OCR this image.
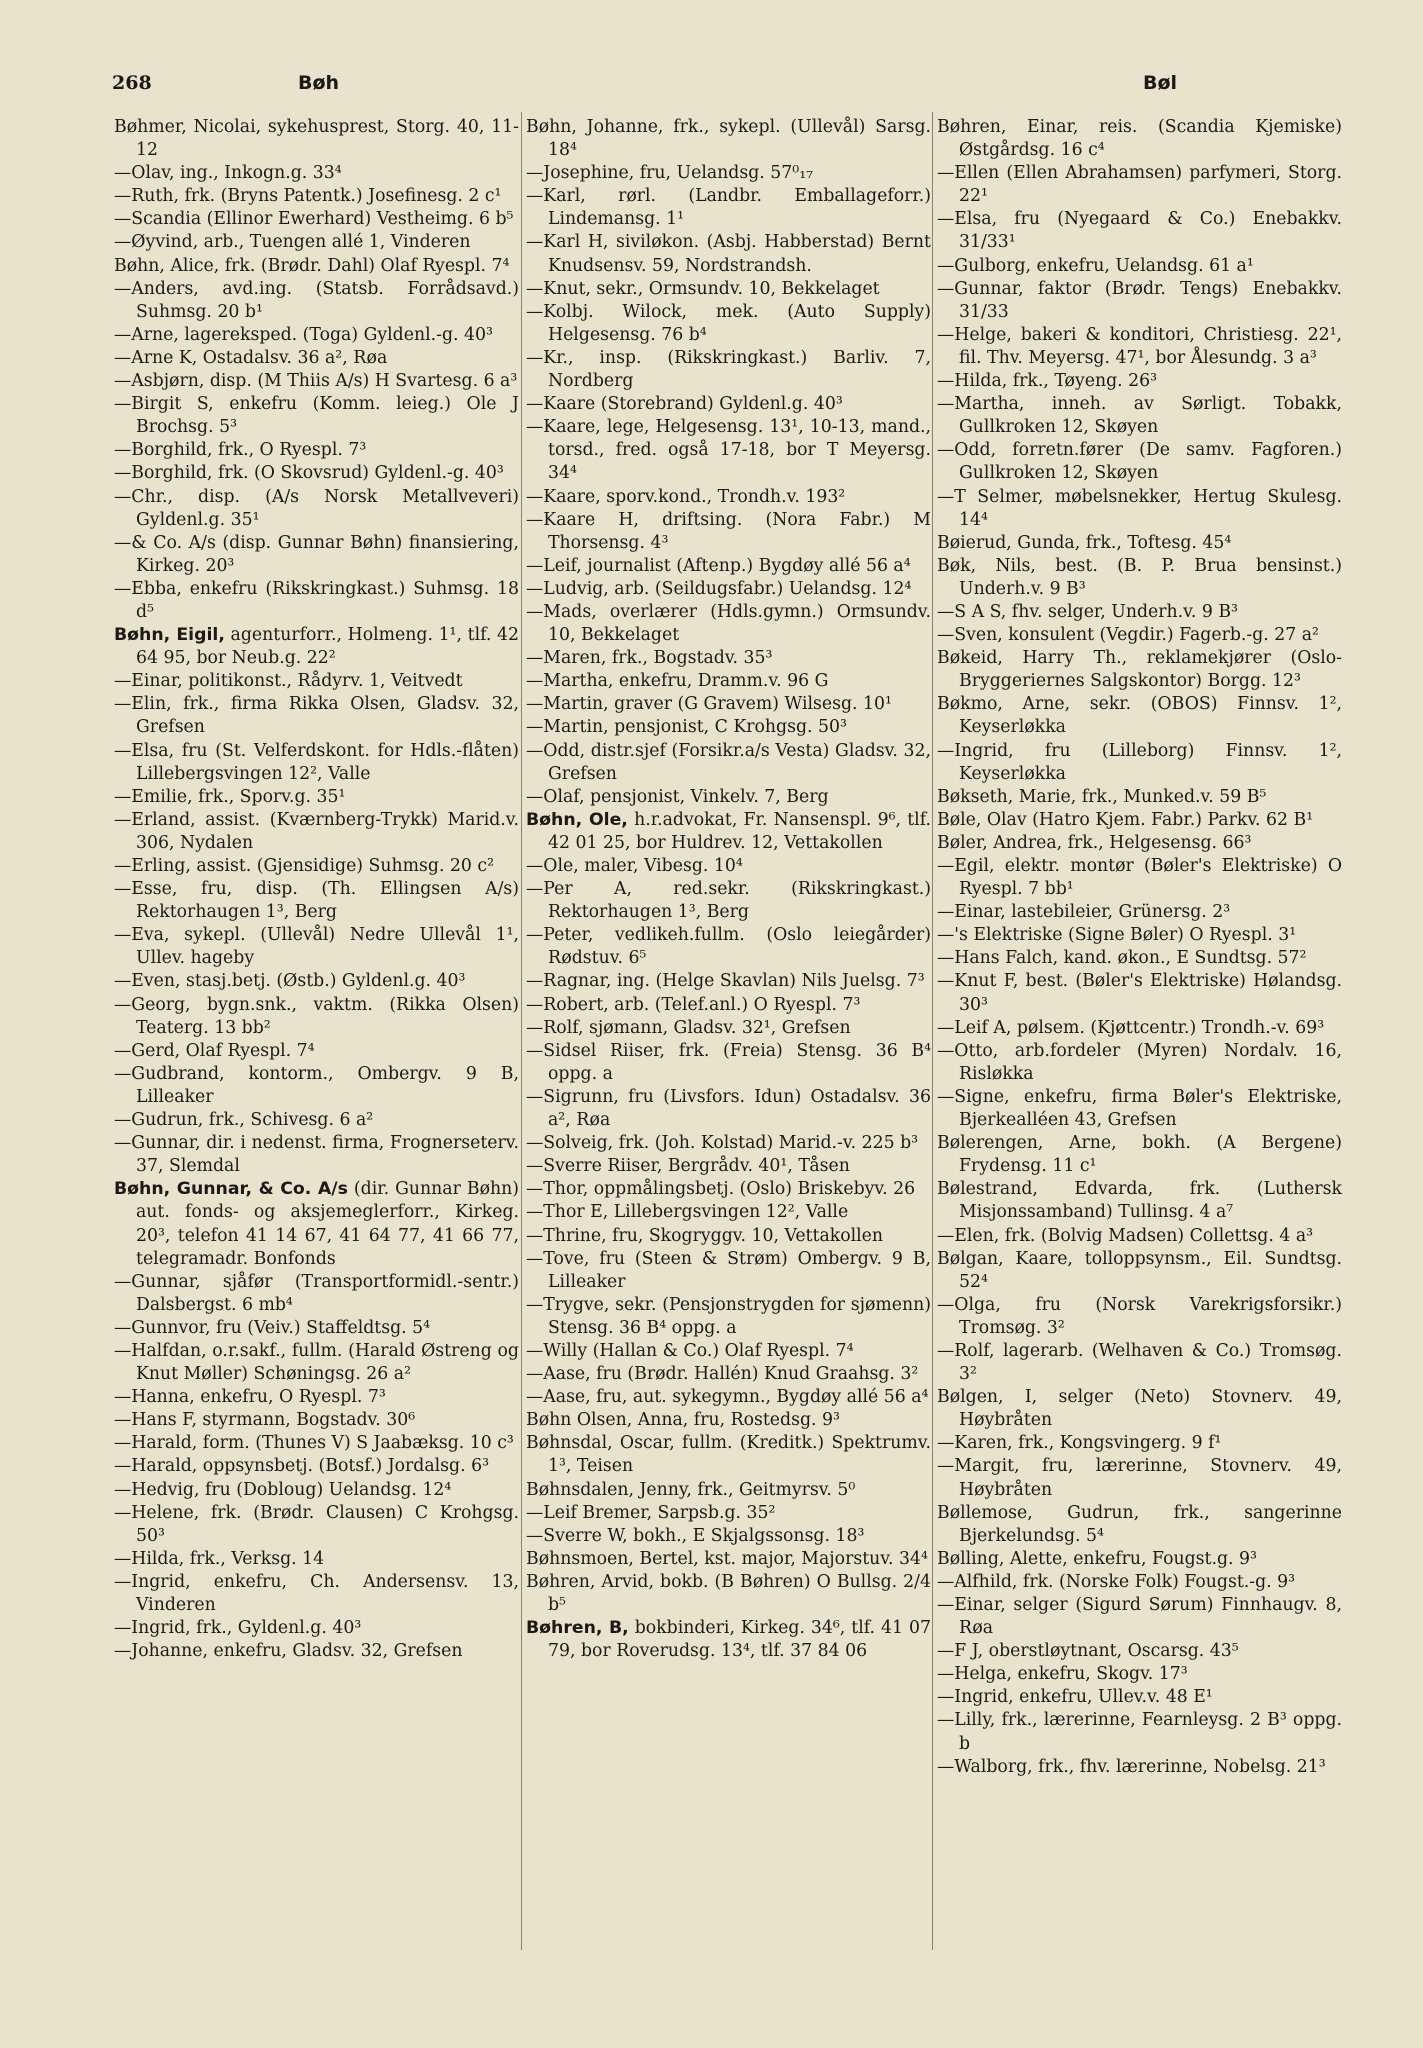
268	Bøh	Bøl

Bøhmer, Nicolai, sykehusprest, Storg. 40, 11-12

—Olav, ing., Inkogn.g. 33⁴

—Ruth, frk. (Bryns Patentk.) Josefinesg. 2 c¹

—Scandia (Ellinor Ewerhard) Vestheimg. 6 b⁵

—Øyvind, arb., Tuengen allé 1, Vinderen

Bøhn, Alice, frk. (Brødr. Dahl) Olaf Ryespl. 7⁴

—Anders, avd.ing. (Statsb. Forrådsavd.) Suhmsg. 20 b¹

—Arne, lagereksped. (Toga) Gyldenl.-g. 40³

—Arne K, Ostadalsv. 36 a², Røa

—Asbjørn, disp. (M Thiis A/s) H Svartesg. 6 a³

—Birgit S, enkefru (Komm. leieg.) Ole J Brochsg. 5³

—Borghild, frk., O Ryespl. 7³

—Borghild, frk. (O Skovsrud) Gyldenl.-g. 40³

—Chr., disp. (A/s Norsk Metallveveri) Gyldenl.g. 35¹

—& Co. A/s (disp. Gunnar Bøhn) finansiering, Kirkeg. 20³

—Ebba, enkefru (Rikskringkast.) Suhmsg. 18 d⁵

Bøhn, Eigil, agenturforr., Holmeng. 1¹, tlf. 42 64 95, bor Neub.g. 22²

—Einar, politikonst., Rådyrv. 1, Veitvedt

—Elin, frk., firma Rikka Olsen, Gladsv. 32, Grefsen

—Elsa, fru (St. Velferdskont. for Hdls.-flåten) Lillebergsvingen 12², Valle

—Emilie, frk., Sporv.g. 35¹

—Erland, assist. (Kværnberg-Trykk) Marid.v. 306, Nydalen

—Erling, assist. (Gjensidige) Suhmsg. 20 c²

—Esse, fru, disp. (Th. Ellingsen A/s) Rektorhaugen 1³, Berg

—Eva, sykepl. (Ullevål) Nedre Ullevål 1¹, Ullev. hageby

—Even, stasj.betj. (Østb.) Gyldenl.g. 40³

—Georg, bygn.snk., vaktm. (Rikka Olsen) Teaterg. 13 bb²

—Gerd, Olaf Ryespl. 7⁴

—Gudbrand, kontorm., Ombergv. 9 B, Lilleaker

—Gudrun, frk., Schivesg. 6 a²

—Gunnar, dir. i nedenst. firma, Frognerseterv. 37, Slemdal

Bøhn, Gunnar, & Co. A/s (dir. Gunnar Bøhn) aut. fonds- og aksjemeglerforr., Kirkeg. 20³, telefon 41 14 67, 41 64 77, 41 66 77, telegramadr. Bonfonds

—Gunnar, sjåfør (Transportformidl.-sentr.) Dalsbergst. 6 mb⁴

—Gunnvor, fru (Veiv.) Staffeldtsg. 5⁴

—Halfdan, o.r.sakf., fullm. (Harald Østreng og Knut Møller) Schøningsg. 26 a²

—Hanna, enkefru, O Ryespl. 7³

—Hans F, styrmann, Bogstadv. 30⁶

—Harald, form. (Thunes V) S Jaabæksg. 10 c³

—Harald, oppsynsbetj. (Botsf.) Jordalsg. 6³

—Hedvig, fru (Dobloug) Uelandsg. 12⁴

—Helene, frk. (Brødr. Clausen) C Krohgsg. 50³

—Hilda, frk., Verksg. 14

—Ingrid, enkefru, Ch. Andersensv. 13, Vinderen

—Ingrid, frk., Gyldenl.g. 40³

—Johanne, enkefru, Gladsv. 32, Grefsen

Bøhn, Johanne, frk., sykepl. (Ullevål) Sarsg. 18⁴

—Josephine, fru, Uelandsg. 57⁰₁₇

—Karl, rørl. (Landbr. Emballageforr.) Lindemansg. 1¹

—Karl H, siviløkon. (Asbj. Habberstad) Bernt Knudsensv. 59, Nordstrandsh.

—Knut, sekr., Ormsundv. 10, Bekkelaget

—Kolbj. Wilock, mek. (Auto Supply) Helgesensg. 76 b⁴

—Kr., insp. (Rikskringkast.) Barliv. 7, Nordberg

—Kaare (Storebrand) Gyldenl.g. 40³

—Kaare, lege, Helgesensg. 13¹, 10-13, mand., torsd., fred. også 17-18, bor T Meyersg. 34⁴

—Kaare, sporv.kond., Trondh.v. 193²

—Kaare H, driftsing. (Nora Fabr.) M Thorsensg. 4³

—Leif, journalist (Aftenp.) Bygdøy allé 56 a⁴

—Ludvig, arb. (Seildugsfabr.) Uelandsg. 12⁴

—Mads, overlærer (Hdls.gymn.) Ormsundv. 10, Bekkelaget

—Maren, frk., Bogstadv. 35³

—Martha, enkefru, Dramm.v. 96 G

—Martin, graver (G Gravem) Wilsesg. 10¹

—Martin, pensjonist, C Krohgsg. 50³

—Odd, distr.sjef (Forsikr.a/s Vesta) Gladsv. 32, Grefsen

—Olaf, pensjonist, Vinkelv. 7, Berg

Bøhn, Ole, h.r.advokat, Fr. Nansenspl. 9⁶, tlf. 42 01 25, bor Huldrev. 12, Vettakollen

—Ole, maler, Vibesg. 10⁴

—Per A, red.sekr. (Rikskringkast.) Rektorhaugen 1³, Berg

—Peter, vedlikeh.fullm. (Oslo leiegårder) Rødstuv. 6⁵

—Ragnar, ing. (Helge Skavlan) Nils Juelsg. 7³

—Robert, arb. (Telef.anl.) O Ryespl. 7³

—Rolf, sjømann, Gladsv. 32¹, Grefsen

—Sidsel Riiser, frk. (Freia) Stensg. 36 B⁴ oppg. a

—Sigrunn, fru (Livsfors. Idun) Ostadalsv. 36 a², Røa

—Solveig, frk. (Joh. Kolstad) Marid.-v. 225 b³

—Sverre Riiser, Bergrådv. 40¹, Tåsen

—Thor, oppmålingsbetj. (Oslo) Briskebyv. 26

—Thor E, Lillebergsvingen 12², Valle

—Thrine, fru, Skogryggv. 10, Vettakollen

—Tove, fru (Steen & Strøm) Ombergv. 9 B, Lilleaker

—Trygve, sekr. (Pensjonstrygden for sjømenn) Stensg. 36 B⁴ oppg. a

—Willy (Hallan & Co.) Olaf Ryespl. 7⁴

—Aase, fru (Brødr. Hallén) Knud Graahsg. 3²

—Aase, fru, aut. sykegymn., Bygdøy allé 56 a⁴

Bøhn Olsen, Anna, fru, Rostedsg. 9³

Bøhnsdal, Oscar, fullm. (Kreditk.) Spektrumv. 1³, Teisen

Bøhnsdalen, Jenny, frk., Geitmyrsv. 5⁰

—Leif Bremer, Sarpsb.g. 35²

—Sverre W, bokh., E Skjalgssonsg. 18³

Bøhnsmoen, Bertel, kst. major, Majorstuv. 34⁴

Bøhren, Arvid, bokb. (B Bøhren) O Bullsg. 2/4 b⁵

Bøhren, B, bokbinderi, Kirkeg. 34⁶, tlf. 41 07 79, bor Roverudsg. 13⁴, tlf. 37 84 06

Bøhren, Einar, reis. (Scandia Kjemiske) Østgårdsg. 16 c⁴

—Ellen (Ellen Abrahamsen) parfymeri, Storg. 22¹

—Elsa, fru (Nyegaard & Co.) Enebakkv. 31/33¹

—Gulborg, enkefru, Uelandsg. 61 a¹

—Gunnar, faktor (Brødr. Tengs) Enebakkv. 31/33

—Helge, bakeri & konditori, Christiesg. 22¹, fil. Thv. Meyersg. 47¹, bor Ålesundg. 3 a³

—Hilda, frk., Tøyeng. 26³

—Martha, inneh. av Sørligt. Tobakk, Gullkroken 12, Skøyen

—Odd, forretn.fører (De samv. Fagforen.) Gullkroken 12, Skøyen

—T Selmer, møbelsnekker, Hertug Skulesg. 14⁴

Bøierud, Gunda, frk., Toftesg. 45⁴

Bøk, Nils, best. (B. P. Brua bensinst.) Underh.v. 9 B³

—S A S, fhv. selger, Underh.v. 9 B³

—Sven, konsulent (Vegdir.) Fagerb.-g. 27 a²

Bøkeid, Harry Th., reklamekjører (Oslo-Bryggeriernes Salgskontor) Borgg. 12³

Bøkmo, Arne, sekr. (OBOS) Finnsv. 1², Keyserløkka

—Ingrid, fru (Lilleborg) Finnsv. 1², Keyserløkka

Bøkseth, Marie, frk., Munked.v. 59 B⁵

Bøle, Olav (Hatro Kjem. Fabr.) Parkv. 62 B¹

Bøler, Andrea, frk., Helgesensg. 66³

—Egil, elektr. montør (Bøler's Elektriske) O Ryespl. 7 bb¹

—Einar, lastebileier, Grünersg. 2³

—'s Elektriske (Signe Bøler) O Ryespl. 3¹

—Hans Falch, kand. økon., E Sundtsg. 57²

—Knut F, best. (Bøler's Elektriske) Hølandsg. 30³

—Leif A, pølsem. (Kjøttcentr.) Trondh.-v. 69³

—Otto, arb.fordeler (Myren) Nordalv. 16, Risløkka

—Signe, enkefru, firma Bøler's Elektriske, Bjerkealléen 43, Grefsen

Bølerengen, Arne, bokh. (A Bergene) Frydensg. 11 c¹

Bølestrand, Edvarda, frk. (Luthersk Misjonssamband) Tullinsg. 4 a⁷

—Elen, frk. (Bolvig Madsen) Collettsg. 4 a³

Bølgan, Kaare, tolloppsynsm., Eil. Sundtsg. 52⁴

—Olga, fru (Norsk Varekrigsforsikr.) Tromsøg. 3²

—Rolf, lagerarb. (Welhaven & Co.) Tromsøg. 3²

Bølgen, I, selger (Neto) Stovnerv. 49, Høybråten

—Karen, frk., Kongsvingerg. 9 f¹

—Margit, fru, lærerinne, Stovnerv. 49, Høybråten

Bøllemose, Gudrun, frk., sangerinne Bjerkelundsg. 5⁴

Bølling, Alette, enkefru, Fougst.g. 9³

—Alfhild, frk. (Norske Folk) Fougst.-g. 9³

—Einar, selger (Sigurd Sørum) Finnhaugv. 8, Røa

—F J, oberstløytnant, Oscarsg. 43⁵

—Helga, enkefru, Skogv. 17³

—Ingrid, enkefru, Ullev.v. 48 E¹

—Lilly, frk., lærerinne, Fearnleysg. 2 B³ oppg. b

—Walborg, frk., fhv. lærerinne, Nobelsg. 21³
